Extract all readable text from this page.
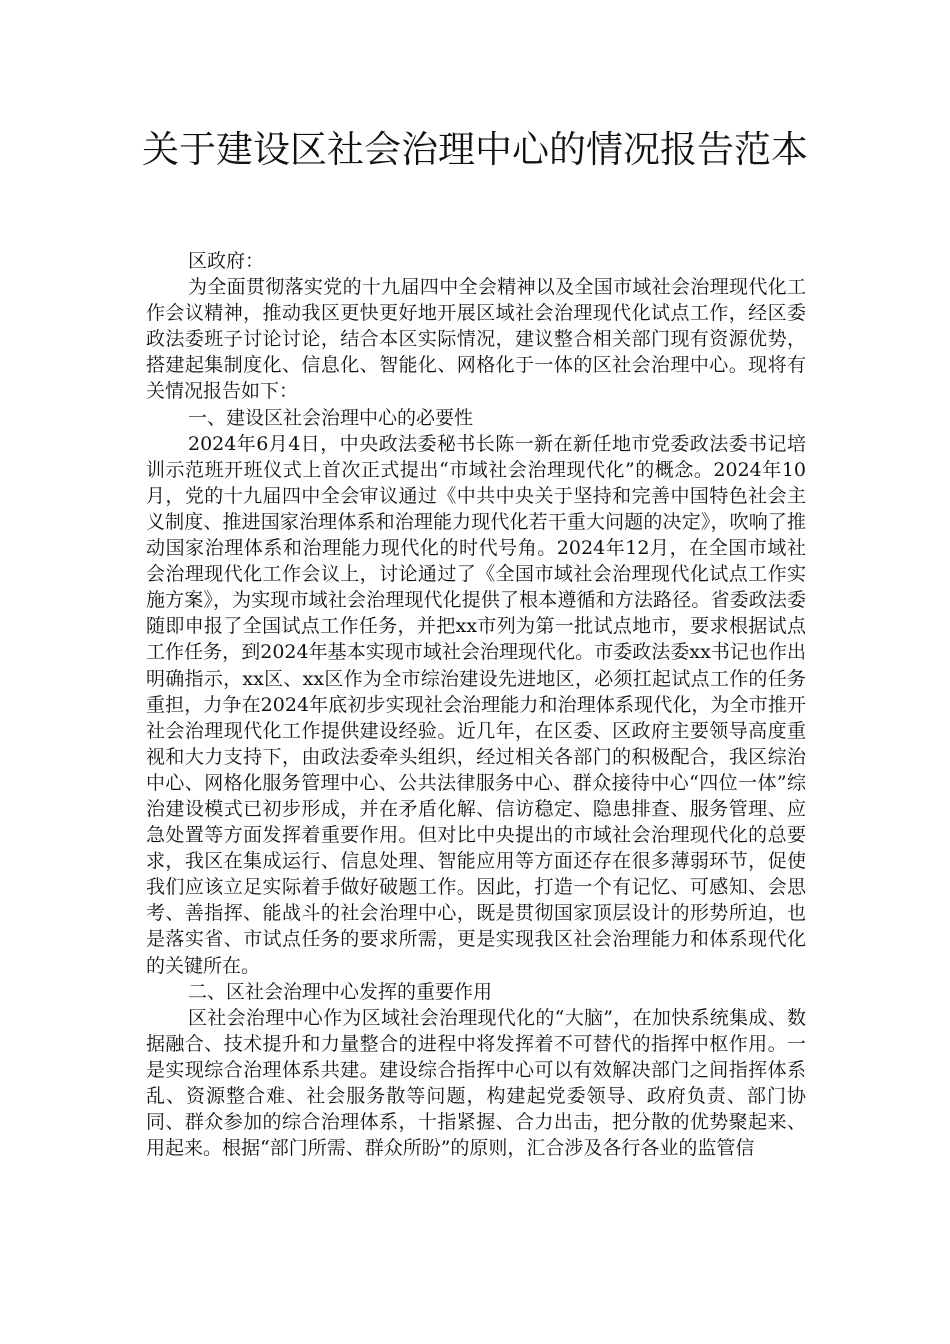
关于建设区社会治理中心的情况报告范本

区政府：

为全面贯彻落实党的十九届四中全会精神以及全国市域社会治理现代化工作会议精神，推动我区更快更好地开展区域社会治理现代化试点工作，经区委政法委班子讨论讨论，结合本区实际情况，建议整合相关部门现有资源优势，搭建起集制度化、信息化、智能化、网格化于一体的区社会治理中心。现将有关情况报告如下：

一、建设区社会治理中心的必要性

2024年6月4日，中央政法委秘书长陈一新在新任地市党委政法委书记培训示范班开班仪式上首次正式提出“市域社会治理现代化”的概念。2024年10月，党的十九届四中全会审议通过《中共中央关于坚持和完善中国特色社会主义制度、推进国家治理体系和治理能力现代化若干重大问题的决定》，吹响了推动国家治理体系和治理能力现代化的时代号角。2024年12月，在全国市域社会治理现代化工作会议上，讨论通过了《全国市域社会治理现代化试点工作实施方案》，为实现市域社会治理现代化提供了根本遵循和方法路径。省委政法委随即申报了全国试点工作任务，并把xx市列为第一批试点地市，要求根据试点工作任务，到2024年基本实现市域社会治理现代化。市委政法委xx书记也作出明确指示，xx区、xx区作为全市综治建设先进地区，必须扛起试点工作的任务重担，力争在2024年底初步实现社会治理能力和治理体系现代化，为全市推开社会治理现代化工作提供建设经验。近几年，在区委、区政府主要领导高度重视和大力支持下，由政法委牵头组织，经过相关各部门的积极配合，我区综治中心、网格化服务管理中心、公共法律服务中心、群众接待中心“四位一体”综治建设模式已初步形成，并在矛盾化解、信访稳定、隐患排查、服务管理、应急处置等方面发挥着重要作用。但对比中央提出的市域社会治理现代化的总要求，我区在集成运行、信息处理、智能应用等方面还存在很多薄弱环节，促使我们应该立足实际着手做好破题工作。因此，打造一个有记忆、可感知、会思考、善指挥、能战斗的社会治理中心，既是贯彻国家顶层设计的形势所迫，也是落实省、市试点任务的要求所需，更是实现我区社会治理能力和体系现代化的关键所在。

二、区社会治理中心发挥的重要作用

区社会治理中心作为区域社会治理现代化的“大脑”，在加快系统集成、数据融合、技术提升和力量整合的进程中将发挥着不可替代的指挥中枢作用。一是实现综合治理体系共建。建设综合指挥中心可以有效解决部门之间指挥体系乱、资源整合难、社会服务散等问题，构建起党委领导、政府负责、部门协同、群众参加的综合治理体系，十指紧握、合力出击，把分散的优势聚起来、用起来。根据“部门所需、群众所盼”的原则，汇合涉及各行各业的监管信
